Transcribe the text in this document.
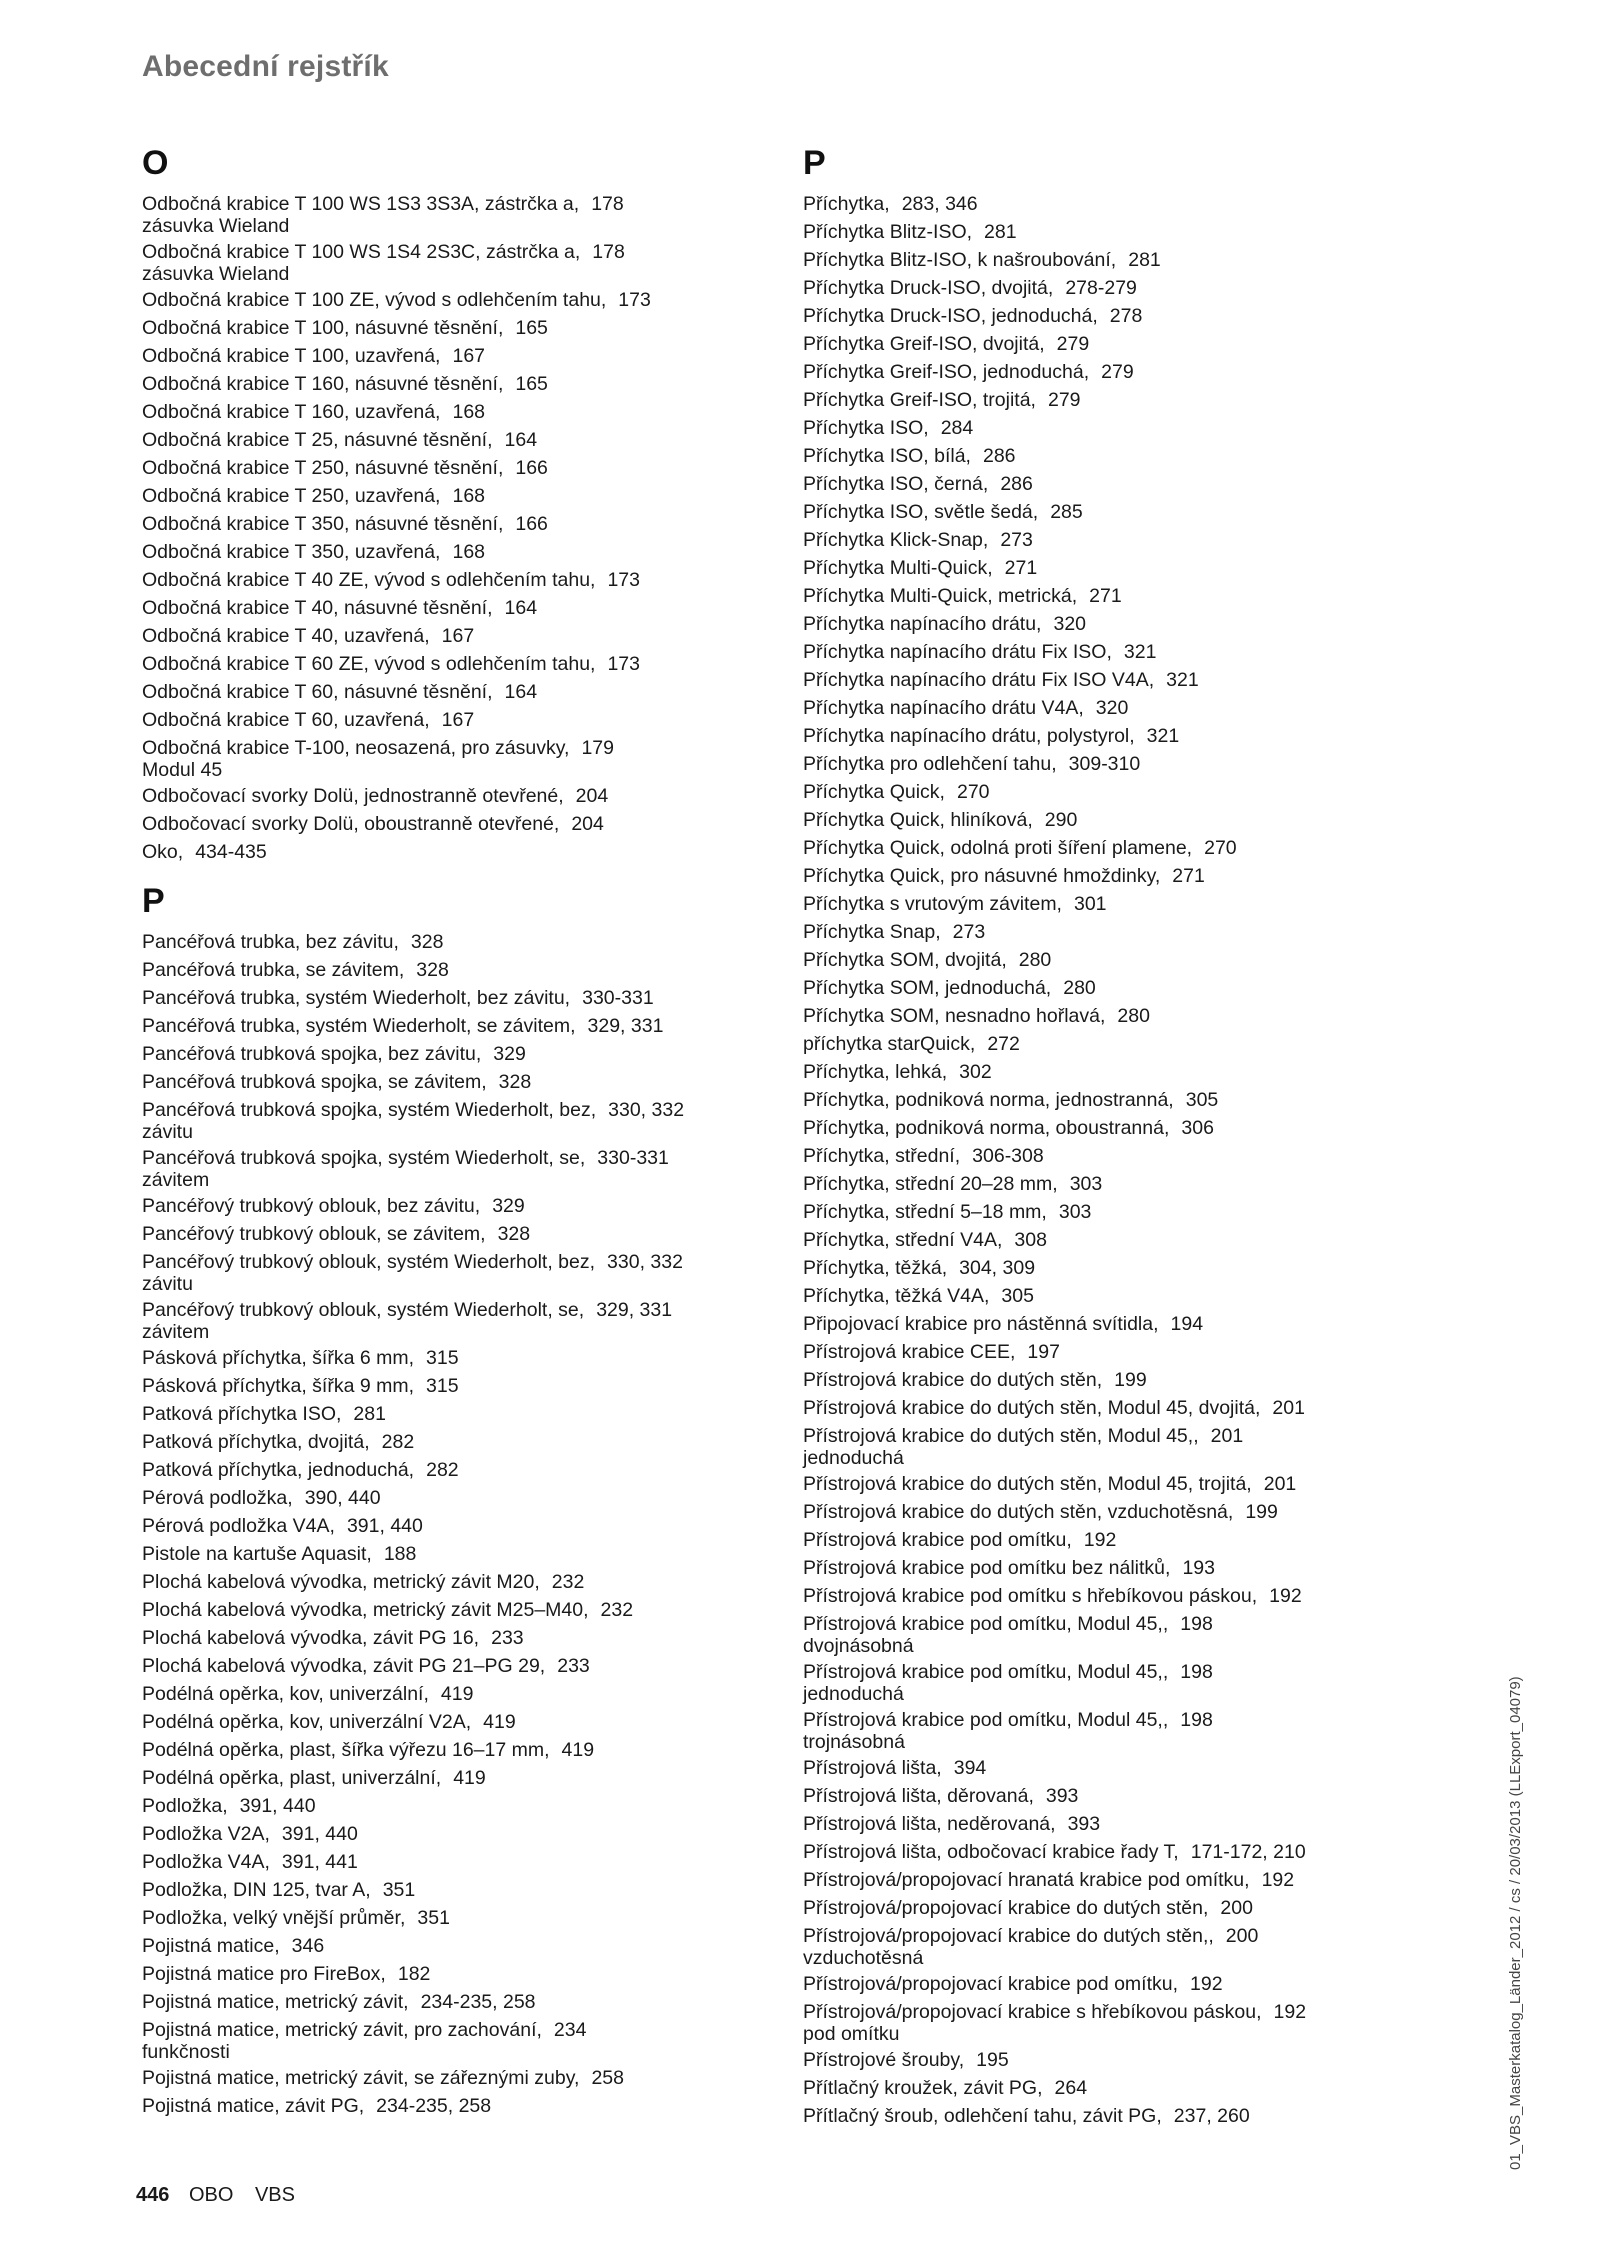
Abecední rejstřík
O
Odbočná krabice T 100 WS 1S3 3S3A, zástrčka a, 178
zásuvka Wieland
Odbočná krabice T 100 WS 1S4 2S3C, zástrčka a, 178
zásuvka Wieland
Odbočná krabice T 100 ZE, vývod s odlehčením tahu, 173
Odbočná krabice T 100, násuvné těsnění, 165
Odbočná krabice T 100, uzavřená, 167
Odbočná krabice T 160, násuvné těsnění, 165
Odbočná krabice T 160, uzavřená, 168
Odbočná krabice T 25, násuvné těsnění, 164
Odbočná krabice T 250, násuvné těsnění, 166
Odbočná krabice T 250, uzavřená, 168
Odbočná krabice T 350, násuvné těsnění, 166
Odbočná krabice T 350, uzavřená, 168
Odbočná krabice T 40 ZE, vývod s odlehčením tahu, 173
Odbočná krabice T 40, násuvné těsnění, 164
Odbočná krabice T 40, uzavřená, 167
Odbočná krabice T 60 ZE, vývod s odlehčením tahu, 173
Odbočná krabice T 60, násuvné těsnění, 164
Odbočná krabice T 60, uzavřená, 167
Odbočná krabice T-100, neosazená, pro zásuvky, 179
Modul 45
Odbočovací svorky Dolü, jednostranně otevřené, 204
Odbočovací svorky Dolü, oboustranně otevřené, 204
Oko, 434-435
P
Pancéřová trubka, bez závitu, 328
Pancéřová trubka, se závitem, 328
Pancéřová trubka, systém Wiederholt, bez závitu, 330-331
Pancéřová trubka, systém Wiederholt, se závitem, 329, 331
Pancéřová trubková spojka, bez závitu, 329
Pancéřová trubková spojka, se závitem, 328
Pancéřová trubková spojka, systém Wiederholt, bez, 330, 332
závitu
Pancéřová trubková spojka, systém Wiederholt, se, 330-331
závitem
Pancéřový trubkový oblouk, bez závitu, 329
Pancéřový trubkový oblouk, se závitem, 328
Pancéřový trubkový oblouk, systém Wiederholt, bez, 330, 332
závitu
Pancéřový trubkový oblouk, systém Wiederholt, se, 329, 331
závitem
Pásková příchytka, šířka 6 mm, 315
Pásková příchytka, šířka 9 mm, 315
Patková příchytka ISO, 281
Patková příchytka, dvojitá, 282
Patková příchytka, jednoduchá, 282
Pérová podložka, 390, 440
Pérová podložka V4A, 391, 440
Pistole na kartuše Aquasit, 188
Plochá kabelová vývodka, metrický závit M20, 232
Plochá kabelová vývodka, metrický závit M25–M40, 232
Plochá kabelová vývodka, závit PG 16, 233
Plochá kabelová vývodka, závit PG 21–PG 29, 233
Podélná opěrka, kov, univerzální, 419
Podélná opěrka, kov, univerzální V2A, 419
Podélná opěrka, plast, šířka výřezu 16–17 mm, 419
Podélná opěrka, plast, univerzální, 419
Podložka, 391, 440
Podložka V2A, 391, 440
Podložka V4A, 391, 441
Podložka, DIN 125, tvar A, 351
Podložka, velký vnější průměr, 351
Pojistná matice, 346
Pojistná matice pro FireBox, 182
Pojistná matice, metrický závit, 234-235, 258
Pojistná matice, metrický závit, pro zachování, 234
funkčnosti
Pojistná matice, metrický závit, se zářeznými zuby, 258
Pojistná matice, závit PG, 234-235, 258
P
Příchytka, 283, 346
Příchytka Blitz-ISO, 281
Příchytka Blitz-ISO, k našroubování, 281
Příchytka Druck-ISO, dvojitá, 278-279
Příchytka Druck-ISO, jednoduchá, 278
Příchytka Greif-ISO, dvojitá, 279
Příchytka Greif-ISO, jednoduchá, 279
Příchytka Greif-ISO, trojitá, 279
Příchytka ISO, 284
Příchytka ISO, bílá, 286
Příchytka ISO, černá, 286
Příchytka ISO, světle šedá, 285
Příchytka Klick-Snap, 273
Příchytka Multi-Quick, 271
Příchytka Multi-Quick, metrická, 271
Příchytka napínacího drátu, 320
Příchytka napínacího drátu Fix ISO, 321
Příchytka napínacího drátu Fix ISO V4A, 321
Příchytka napínacího drátu V4A, 320
Příchytka napínacího drátu, polystyrol, 321
Příchytka pro odlehčení tahu, 309-310
Příchytka Quick, 270
Příchytka Quick, hliníková, 290
Příchytka Quick, odolná proti šíření plamene, 270
Příchytka Quick, pro násuvné hmoždinky, 271
Příchytka s vrutovým závitem, 301
Příchytka Snap, 273
Příchytka SOM, dvojitá, 280
Příchytka SOM, jednoduchá, 280
Příchytka SOM, nesnadno hořlavá, 280
příchytka starQuick, 272
Příchytka, lehká, 302
Příchytka, podniková norma, jednostranná, 305
Příchytka, podniková norma, oboustranná, 306
Příchytka, střední, 306-308
Příchytka, střední 20–28 mm, 303
Příchytka, střední 5–18 mm, 303
Příchytka, střední V4A, 308
Příchytka, těžká, 304, 309
Příchytka, těžká V4A, 305
Připojovací krabice pro nástěnná svítidla, 194
Přístrojová krabice CEE, 197
Přístrojová krabice do dutých stěn, 199
Přístrojová krabice do dutých stěn, Modul 45, dvojitá, 201
Přístrojová krabice do dutých stěn, Modul 45,, 201
jednoduchá
Přístrojová krabice do dutých stěn, Modul 45, trojitá, 201
Přístrojová krabice do dutých stěn, vzduchotěsná, 199
Přístrojová krabice pod omítku, 192
Přístrojová krabice pod omítku bez nálitků, 193
Přístrojová krabice pod omítku s hřebíkovou páskou, 192
Přístrojová krabice pod omítku, Modul 45,, 198
dvojnásobná
Přístrojová krabice pod omítku, Modul 45,, 198
jednoduchá
Přístrojová krabice pod omítku, Modul 45,, 198
trojnásobná
Přístrojová lišta, 394
Přístrojová lišta, děrovaná, 393
Přístrojová lišta, neděrovaná, 393
Přístrojová lišta, odbočovací krabice řady T, 171-172, 210
Přístrojová/propojovací hranatá krabice pod omítku, 192
Přístrojová/propojovací krabice do dutých stěn, 200
Přístrojová/propojovací krabice do dutých stěn,, 200
vzduchotěsná
Přístrojová/propojovací krabice pod omítku, 192
Přístrojová/propojovací krabice s hřebíkovou páskou, 192
pod omítku
Přístrojové šrouby, 195
Přítlačný kroužek, závit PG, 264
Přítlačný šroub, odlehčení tahu, závit PG, 237, 260	01_VBS_Masterkatalog_Länder_2012 / cs / 20/03/2013 (LLExport_04079)
446 OBO VBS
